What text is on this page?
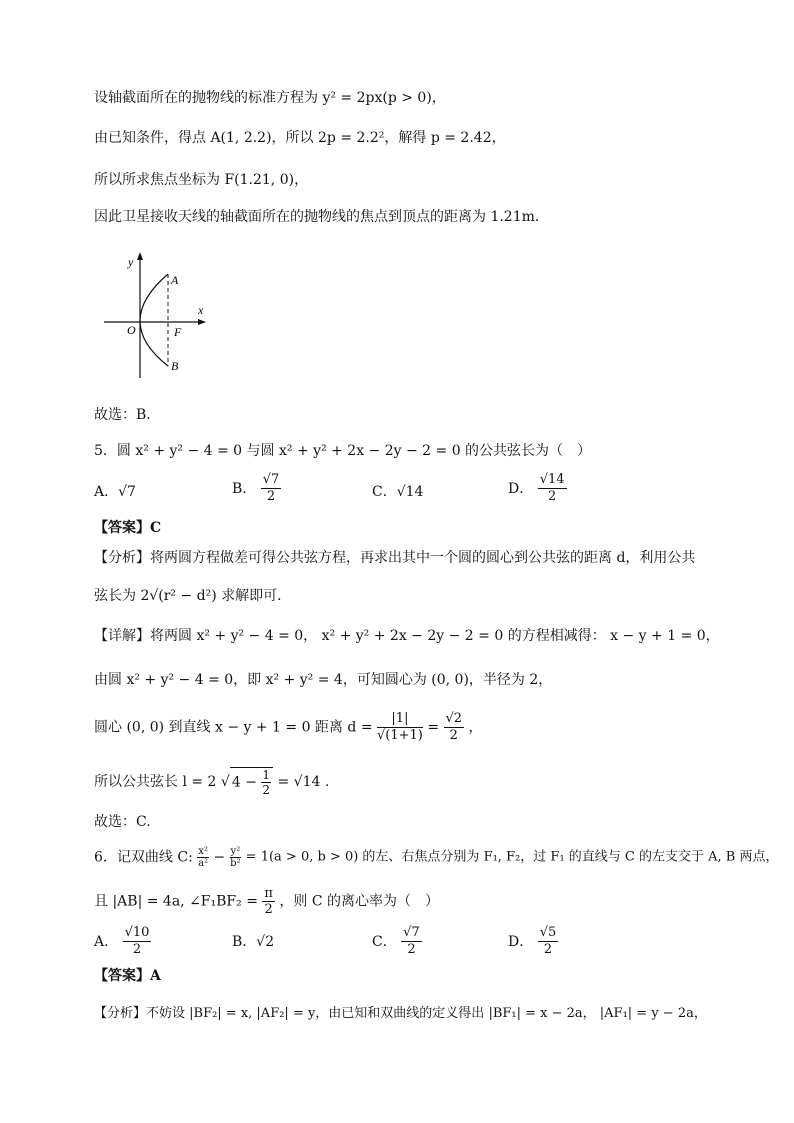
设轴截面所在的抛物线的标准方程为 y² = 2px(p > 0)，
由已知条件，得点 A(1, 2.2)，所以 2p = 2.2²，解得 p = 2.42，
所以所求焦点坐标为 F(1.21, 0)，
因此卫星接收天线的轴截面所在的抛物线的焦点到顶点的距离为 1.21m．
y
x
O
A
B
F
故选：B．
5．圆 x² + y² − 4 = 0 与圆 x² + y² + 2x − 2y − 2 = 0 的公共弦长为（　）
A．√7	B． $\frac{√7}{2}$	C．√14	D． $\frac{√14}{2}$
【答案】C
【分析】将两圆方程做差可得公共弦方程，再求出其中一个圆的圆心到公共弦的距离 d，利用公共
弦长为 2√(r² − d²) 求解即可．
【详解】将两圆 x² + y² − 4 = 0， x² + y² + 2x − 2y − 2 = 0 的方程相减得： x − y + 1 = 0，
由圆 x² + y² − 4 = 0，即 x² + y² = 4，可知圆心为 (0, 0)，半径为 2，
圆心 (0, 0) 到直线 x − y + 1 = 0 距离 $d = \frac{|1|}{√(1+1)} = \frac{√2}{2}$ ，
所以公共弦长 l = 2 √ $4 - \frac{1}{2} = √14$ .
故选：C.
6．记双曲线 C: $\frac{\text{x²}}{\text{a²}} - \frac{\text{y²}}{\text{b²}} = 1(a > 0$, b > 0) 的左、右焦点分别为 F₁, F₂，过 F₁ 的直线与 C 的左支交于 A, B 两点，
且 |AB| = 4a, ∠F₁BF₂ = $\frac{\pi}{2}$ ，则 C 的离心率为（　）
A． $\frac{√10}{2}$	B．√2	C． $\frac{√7}{2}$	D． $\frac{√5}{2}$
【答案】A
【分析】不妨设 |BF₂| = x, |AF₂| = y，由已知和双曲线的定义得出 |BF₁| = x − 2a， |AF₁| = y − 2a，
